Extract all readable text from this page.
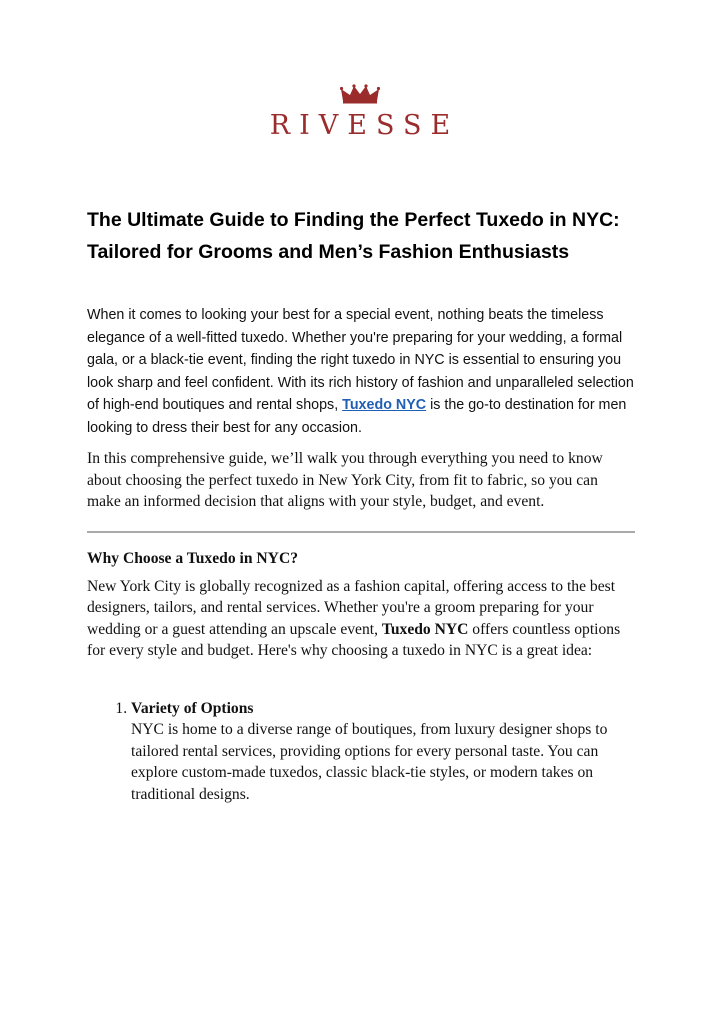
RIVESSE
The Ultimate Guide to Finding the Perfect Tuxedo in NYC: Tailored for Grooms and Men’s Fashion Enthusiasts

When it comes to looking your best for a special event, nothing beats the timeless elegance of a well-fitted tuxedo. Whether you're preparing for your wedding, a formal gala, or a black-tie event, finding the right tuxedo in NYC is essential to ensuring you look sharp and feel confident. With its rich history of fashion and unparalleled selection of high-end boutiques and rental shops, Tuxedo NYC is the go-to destination for men looking to dress their best for any occasion.

In this comprehensive guide, we’ll walk you through everything you need to know about choosing the perfect tuxedo in New York City, from fit to fabric, so you can make an informed decision that aligns with your style, budget, and event.

Why Choose a Tuxedo in NYC?

New York City is globally recognized as a fashion capital, offering access to the best designers, tailors, and rental services. Whether you're a groom preparing for your wedding or a guest attending an upscale event, Tuxedo NYC offers countless options for every style and budget. Here's why choosing a tuxedo in NYC is a great idea:

1. Variety of Options
NYC is home to a diverse range of boutiques, from luxury designer shops to tailored rental services, providing options for every personal taste. You can explore custom-made tuxedos, classic black-tie styles, or modern takes on traditional designs.
